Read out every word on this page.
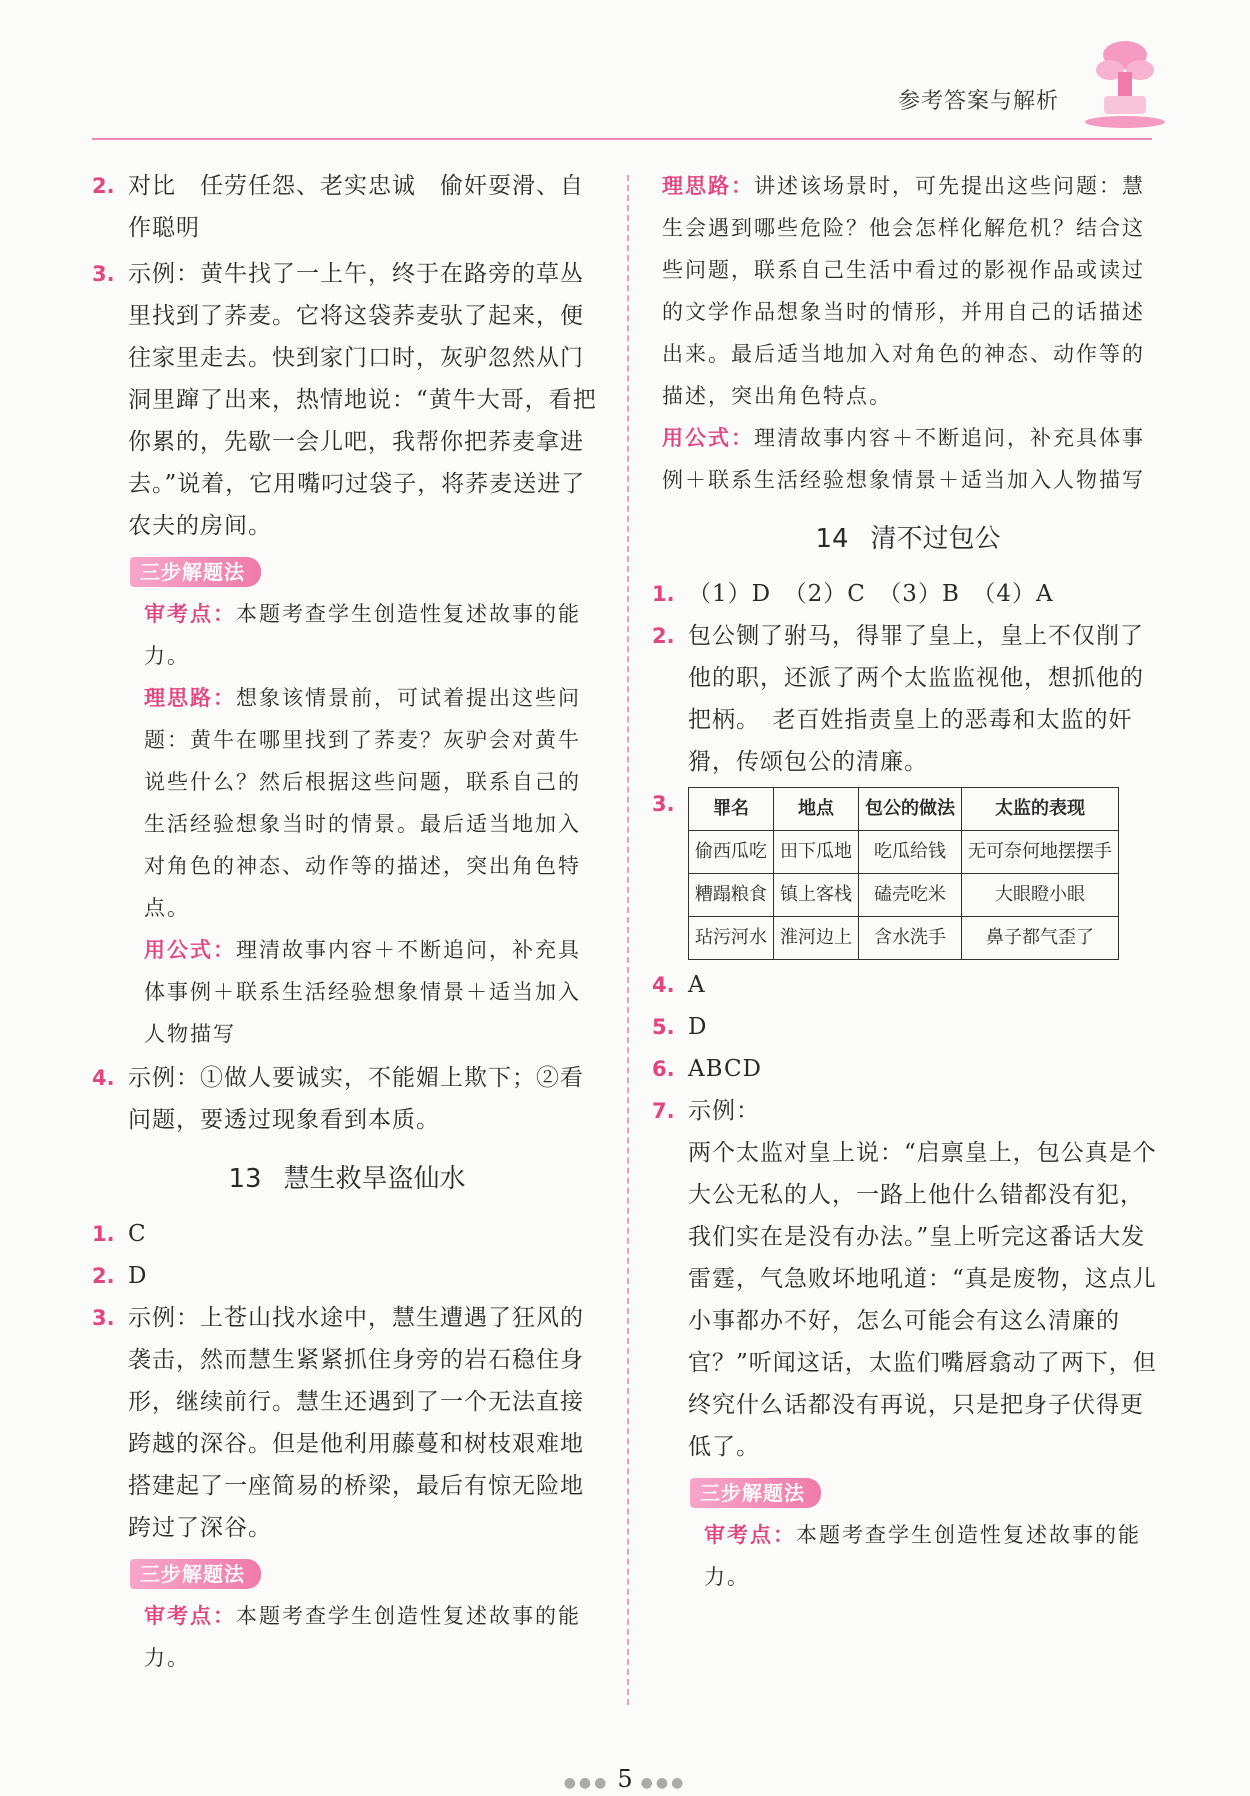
参考答案与解析
2. 对比　任劳任怨、老实忠诚　偷奸耍滑、自作聪明
3. 示例：黄牛找了一上午，终于在路旁的草丛里找到了荞麦。它将这袋荞麦驮了起来，便往家里走去。快到家门口时，灰驴忽然从门洞里蹿了出来，热情地说：“黄牛大哥，看把你累的，先歇一会儿吧，我帮你把荞麦拿进去。”说着，它用嘴叼过袋子，将荞麦送进了农夫的房间。
三步解题法
审考点：本题考查学生创造性复述故事的能力。
理思路：想象该情景前，可试着提出这些问题：黄牛在哪里找到了荞麦？灰驴会对黄牛说些什么？然后根据这些问题，联系自己的生活经验想象当时的情景。最后适当地加入对角色的神态、动作等的描述，突出角色特点。
用公式：理清故事内容＋不断追问，补充具体事例＋联系生活经验想象情景＋适当加入人物描写
4. 示例：①做人要诚实，不能媚上欺下；②看问题，要透过现象看到本质。
13 慧生救旱盗仙水
1. C
2. D
3. 示例：上苍山找水途中，慧生遭遇了狂风的袭击，然而慧生紧紧抓住身旁的岩石稳住身形，继续前行。慧生还遇到了一个无法直接跨越的深谷。但是他利用藤蔓和树枝艰难地搭建起了一座简易的桥梁，最后有惊无险地跨过了深谷。
三步解题法
审考点：本题考查学生创造性复述故事的能力。
理思路：讲述该场景时，可先提出这些问题：慧生会遇到哪些危险？他会怎样化解危机？结合这些问题，联系自己生活中看过的影视作品或读过的文学作品想象当时的情形，并用自己的话描述出来。最后适当地加入对角色的神态、动作等的描述，突出角色特点。
用公式：理清故事内容＋不断追问，补充具体事例＋联系生活经验想象情景＋适当加入人物描写
14 清不过包公
1. （1）D　（2）C　（3）B　（4）A
2. 包公铡了驸马，得罪了皇上，皇上不仅削了他的职，还派了两个太监监视他，想抓他的把柄。　老百姓指责皇上的恶毒和太监的奸猾，传颂包公的清廉。
3.	罪名	地点	包公的做法	太监的表现
偷西瓜吃	田下瓜地	吃瓜给钱	无可奈何地摆摆手
糟蹋粮食	镇上客栈	磕壳吃米	大眼瞪小眼
玷污河水	淮河边上	含水洗手	鼻子都气歪了
4. A
5. D
6. ABCD
7. 示例：
两个太监对皇上说：“启禀皇上，包公真是个大公无私的人，一路上他什么错都没有犯，我们实在是没有办法。”皇上听完这番话大发雷霆，气急败坏地吼道：“真是废物，这点儿小事都办不好，怎么可能会有这么清廉的官？”听闻这话，太监们嘴唇翕动了两下，但终究什么话都没有再说，只是把身子伏得更低了。
三步解题法
审考点：本题考查学生创造性复述故事的能力。
●●● 5 ●●●
